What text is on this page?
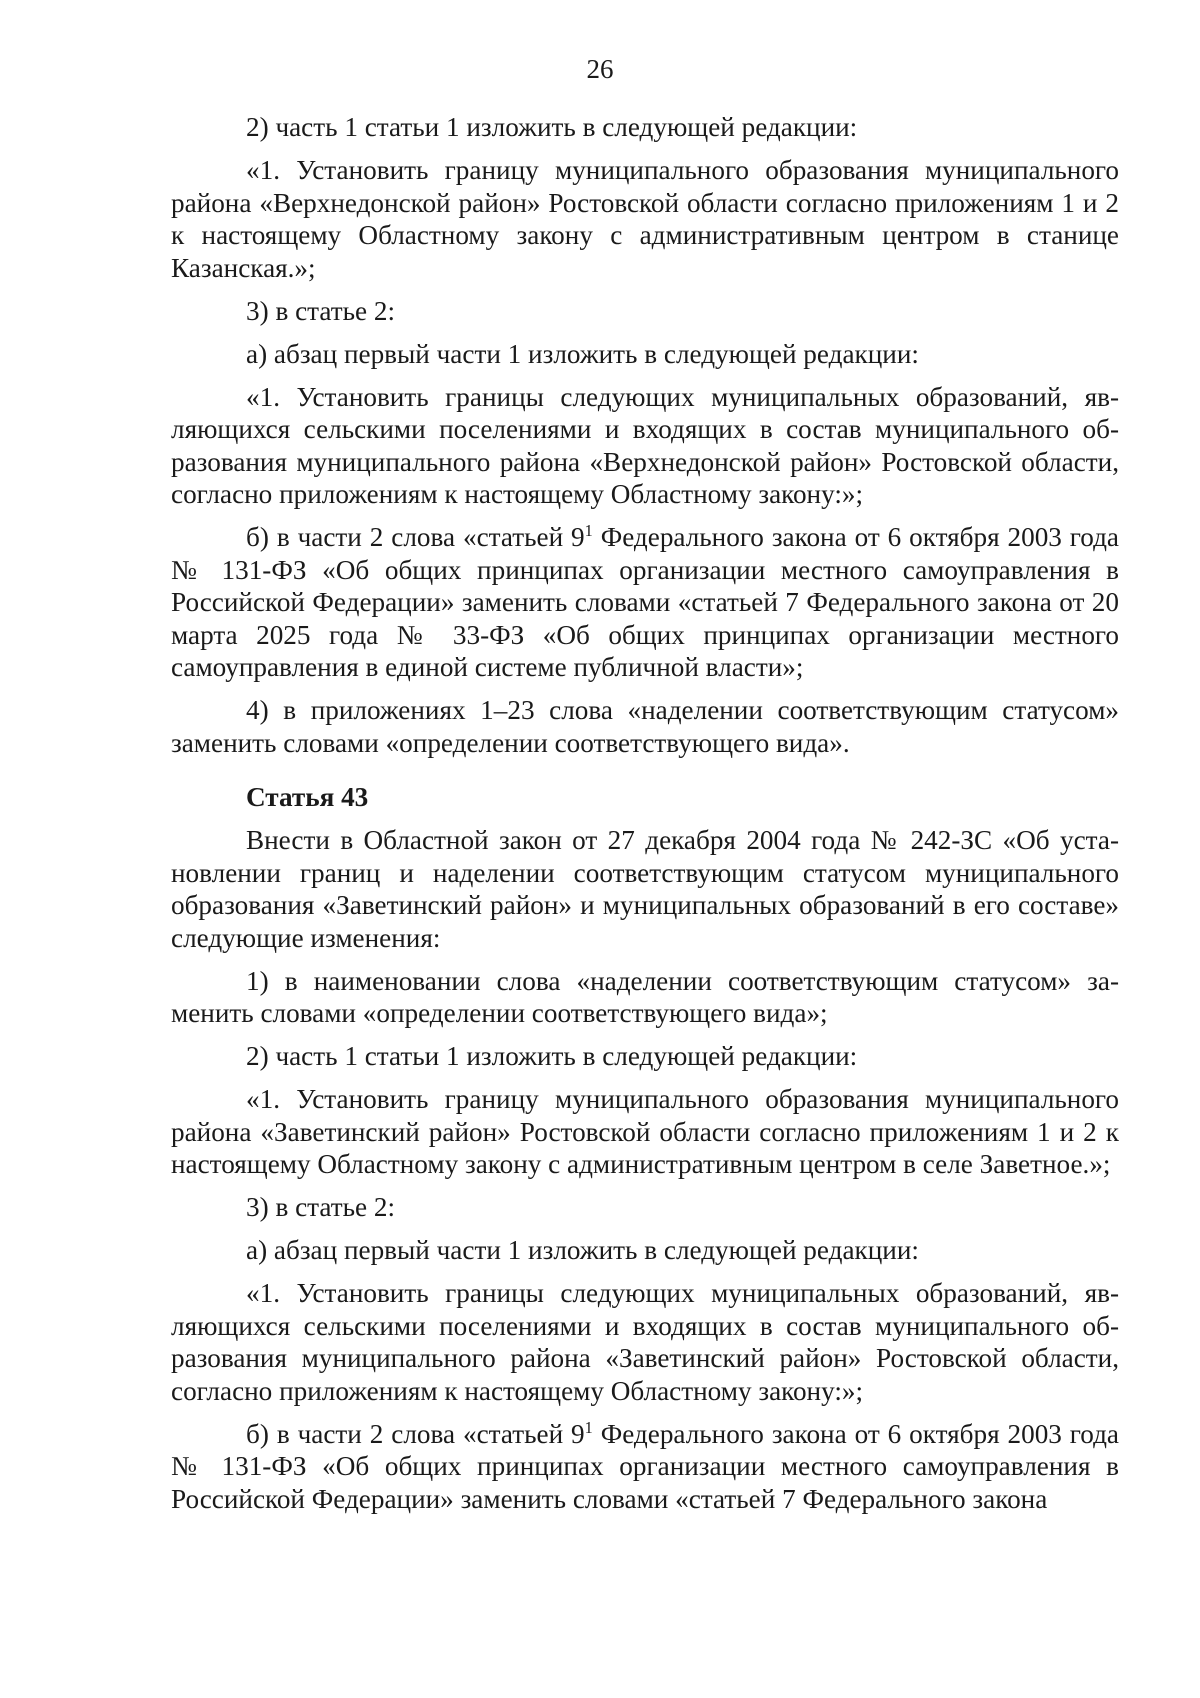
26

2) часть 1 статьи 1 изложить в следующей редакции:

«1. Установить границу муниципального образования муниципального района «Верхнедонской район» Ростовской области согласно приложениям 1 и 2 к настоящему Областному закону с административным центром в станице Казанская.»;

3) в статье 2:

а) абзац первый части 1 изложить в следующей редакции:

«1. Установить границы следующих муниципальных образований, являющихся сельскими поселениями и входящих в состав муниципального образования муниципального района «Верхнедонской район» Ростовской области, согласно приложениям к настоящему Областному закону:»;

б) в части 2 слова «статьей $9^1$ Федерального закона от 6 октября 2003 года № 131-ФЗ «Об общих принципах организации местного самоуправления в Российской Федерации» заменить словами «статьей 7 Федерального закона от 20 марта 2025 года № 33-ФЗ «Об общих принципах организации местного самоуправления в единой системе публичной власти»;

4) в приложениях 1–23 слова «наделении соответствующим статусом» заменить словами «определении соответствующего вида».

Статья 43

Внести в Областной закон от 27 декабря 2004 года № 242-ЗС «Об установлении границ и наделении соответствующим статусом муниципального образования «Заветинский район» и муниципальных образований в его составе» следующие изменения:

1) в наименовании слова «наделении соответствующим статусом» заменить словами «определении соответствующего вида»;

2) часть 1 статьи 1 изложить в следующей редакции:

«1. Установить границу муниципального образования муниципального района «Заветинский район» Ростовской области согласно приложениям 1 и 2 к настоящему Областному закону с административным центром в селе Заветное.»;

3) в статье 2:

а) абзац первый части 1 изложить в следующей редакции:

«1. Установить границы следующих муниципальных образований, являющихся сельскими поселениями и входящих в состав муниципального образования муниципального района «Заветинский район» Ростовской области, согласно приложениям к настоящему Областному закону:»;

б) в части 2 слова «статьей $9^1$ Федерального закона от 6 октября 2003 года № 131-ФЗ «Об общих принципах организации местного самоуправления в Российской Федерации» заменить словами «статьей 7 Федерального закона
